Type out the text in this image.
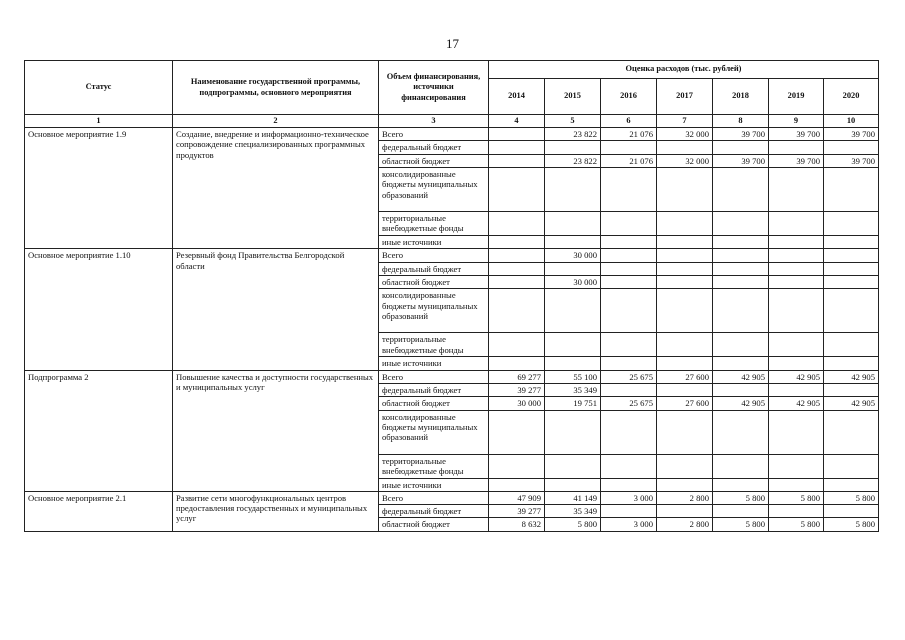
17
Статус	Наименование государственной программы, подпрограммы, основного мероприятия	Объем финансирования, источники финансирования	Оценка расходов (тыс. рублей)						
			2014	2015	2016	2017	2018	2019	2020
1	2	3	4	5	6	7	8	9	10
Основное мероприятие 1.9	Создание, внедрение и информационно-техническое сопровождение специализированных программных продуктов	Всего		23 822	21 076	32 000	39 700	39 700	39 700
		федеральный бюджет							
		областной бюджет		23 822	21 076	32 000	39 700	39 700	39 700
		консолидированные бюджеты муниципальных образований							
		территориальные внебюджетные фонды							
		иные источники							
Основное мероприятие 1.10	Резервный фонд Правительства Белгородской области	Всего		30 000					
		федеральный бюджет							
		областной бюджет		30 000					
		консолидированные бюджеты муниципальных образований							
		территориальные внебюджетные фонды							
		иные источники							
Подпрограмма 2	Повышение качества и доступности государственных и муниципальных услуг	Всего	69 277	55 100	25 675	27 600	42 905	42 905	42 905
		федеральный бюджет	39 277	35 349					
		областной бюджет	30 000	19 751	25 675	27 600	42 905	42 905	42 905
		консолидированные бюджеты муниципальных образований							
		территориальные внебюджетные фонды							
		иные источники							
Основное мероприятие 2.1	Развитие сети многофункциональных центров предоставления государственных и муниципальных услуг	Всего	47 909	41 149	3 000	2 800	5 800	5 800	5 800
		федеральный бюджет	39 277	35 349					
		областной бюджет	8 632	5 800	3 000	2 800	5 800	5 800	5 800
